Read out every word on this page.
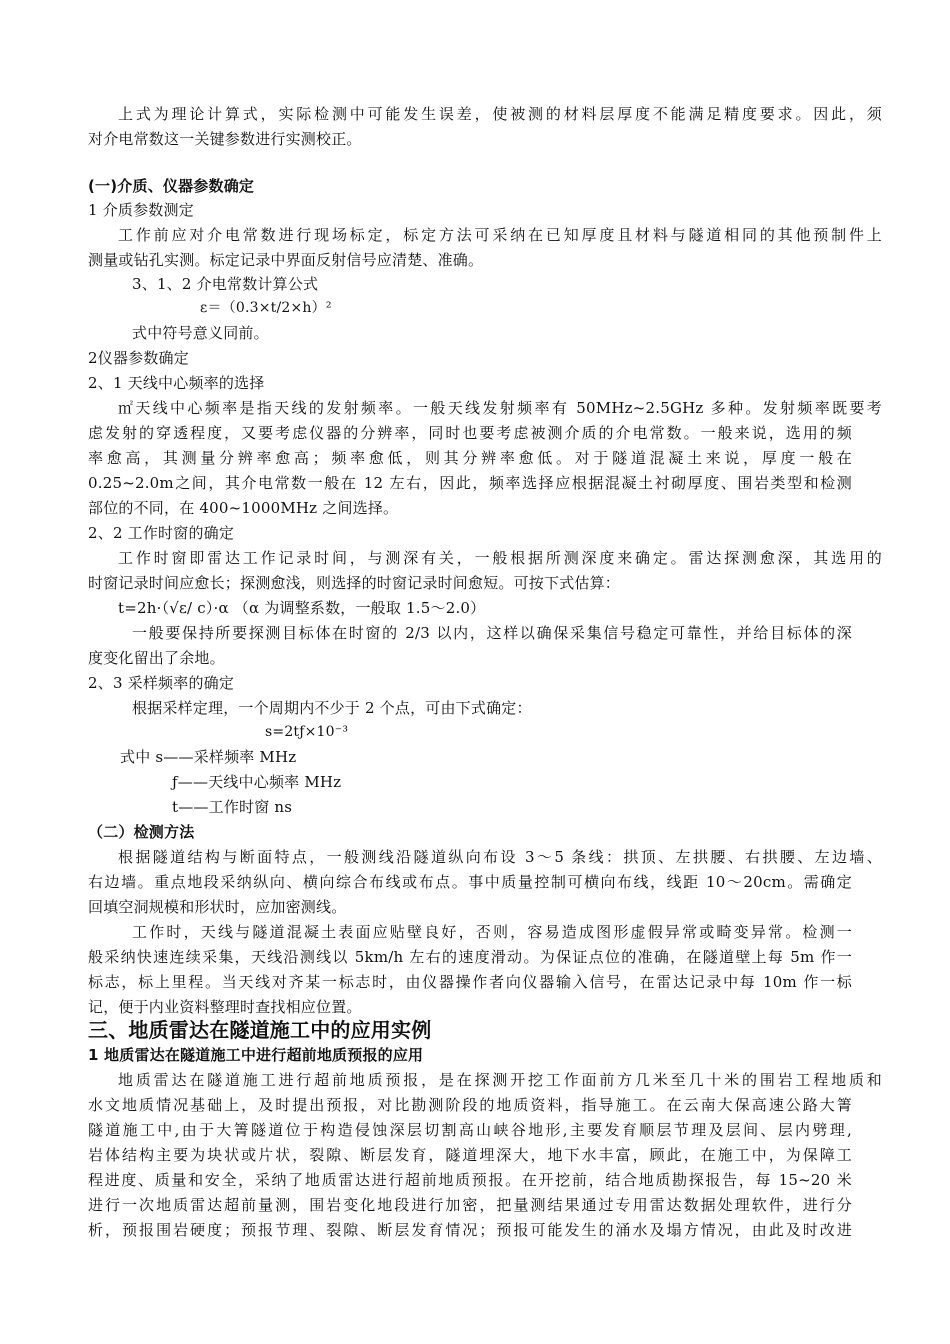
上式为理论计算式，实际检测中可能发生误差，使被测的材料层厚度不能满足精度要求。因此，须
对介电常数这一关键参数进行实测校正。
(一)介质、仪器参数确定
1 介质参数测定
工作前应对介电常数进行现场标定，标定方法可采纳在已知厚度且材料与隧道相同的其他预制件上
测量或钻孔实测。标定记录中界面反射信号应清楚、准确。
3、1、2 介电常数计算公式
ε＝（0.3×t/2×h）²
式中符号意义同前。
2仪器参数确定
2、1 天线中心频率的选择
㎡天线中心频率是指天线的发射频率。一般天线发射频率有 50MHz~2.5GHz 多种。发射频率既要考
虑发射的穿透程度，又要考虑仪器的分辨率，同时也要考虑被测介质的介电常数。一般来说，选用的频
率愈高，其测量分辨率愈高；频率愈低，则其分辨率愈低。对于隧道混凝土来说，厚度一般在
0.25~2.0m之间，其介电常数一般在 12 左右，因此，频率选择应根据混凝土衬砌厚度、围岩类型和检测
部位的不同，在 400~1000MHz 之间选择。
2、2 工作时窗的确定
工作时窗即雷达工作记录时间，与测深有关，一般根据所测深度来确定。雷达探测愈深，其选用的
时窗记录时间应愈长；探测愈浅，则选择的时窗记录时间愈短。可按下式估算：
t=2h·（√ε/ c）·α （α 为调整系数，一般取 1.5～2.0）
一般要保持所要探测目标体在时窗的 2/3 以内，这样以确保采集信号稳定可靠性，并给目标体的深
度变化留出了余地。
2、3 采样频率的确定
根据采样定理，一个周期内不少于 2 个点，可由下式确定：
s=2tƒ×10⁻³
式中 s——采样频率 MHz
ƒ——天线中心频率 MHz
t——工作时窗 ns
（二）检测方法
根据隧道结构与断面特点，一般测线沿隧道纵向布设 3～5 条线：拱顶、左拱腰、右拱腰、左边墙、
右边墙。重点地段采纳纵向、横向综合布线或布点。事中质量控制可横向布线，线距 10～20cm。需确定
回填空洞规模和形状时，应加密测线。
工作时，天线与隧道混凝土表面应贴壁良好，否则，容易造成图形虚假异常或畸变异常。检测一
般采纳快速连续采集，天线沿测线以 5km/h 左右的速度滑动。为保证点位的准确，在隧道壁上每 5m 作一
标志，标上里程。当天线对齐某一标志时，由仪器操作者向仪器输入信号，在雷达记录中每 10m 作一标
记，便于内业资料整理时查找相应位置。
三、地质雷达在隧道施工中的应用实例
1 地质雷达在隧道施工中进行超前地质预报的应用
地质雷达在隧道施工进行超前地质预报，是在探测开挖工作面前方几米至几十米的围岩工程地质和
水文地质情况基础上，及时提出预报，对比勘测阶段的地质资料，指导施工。在云南大保高速公路大箐
隧道施工中,由于大箐隧道位于构造侵蚀深层切割高山峡谷地形,主要发育顺层节理及层间、层内劈理,
岩体结构主要为块状或片状，裂隙、断层发育，隧道埋深大，地下水丰富，顾此，在施工中，为保障工
程进度、质量和安全，采纳了地质雷达进行超前地质预报。在开挖前，结合地质勘探报告，每 15~20 米
进行一次地质雷达超前量测，围岩变化地段进行加密，把量测结果通过专用雷达数据处理软件，进行分
析，预报围岩硬度；预报节理、裂隙、断层发育情况；预报可能发生的涌水及塌方情况，由此及时改进
